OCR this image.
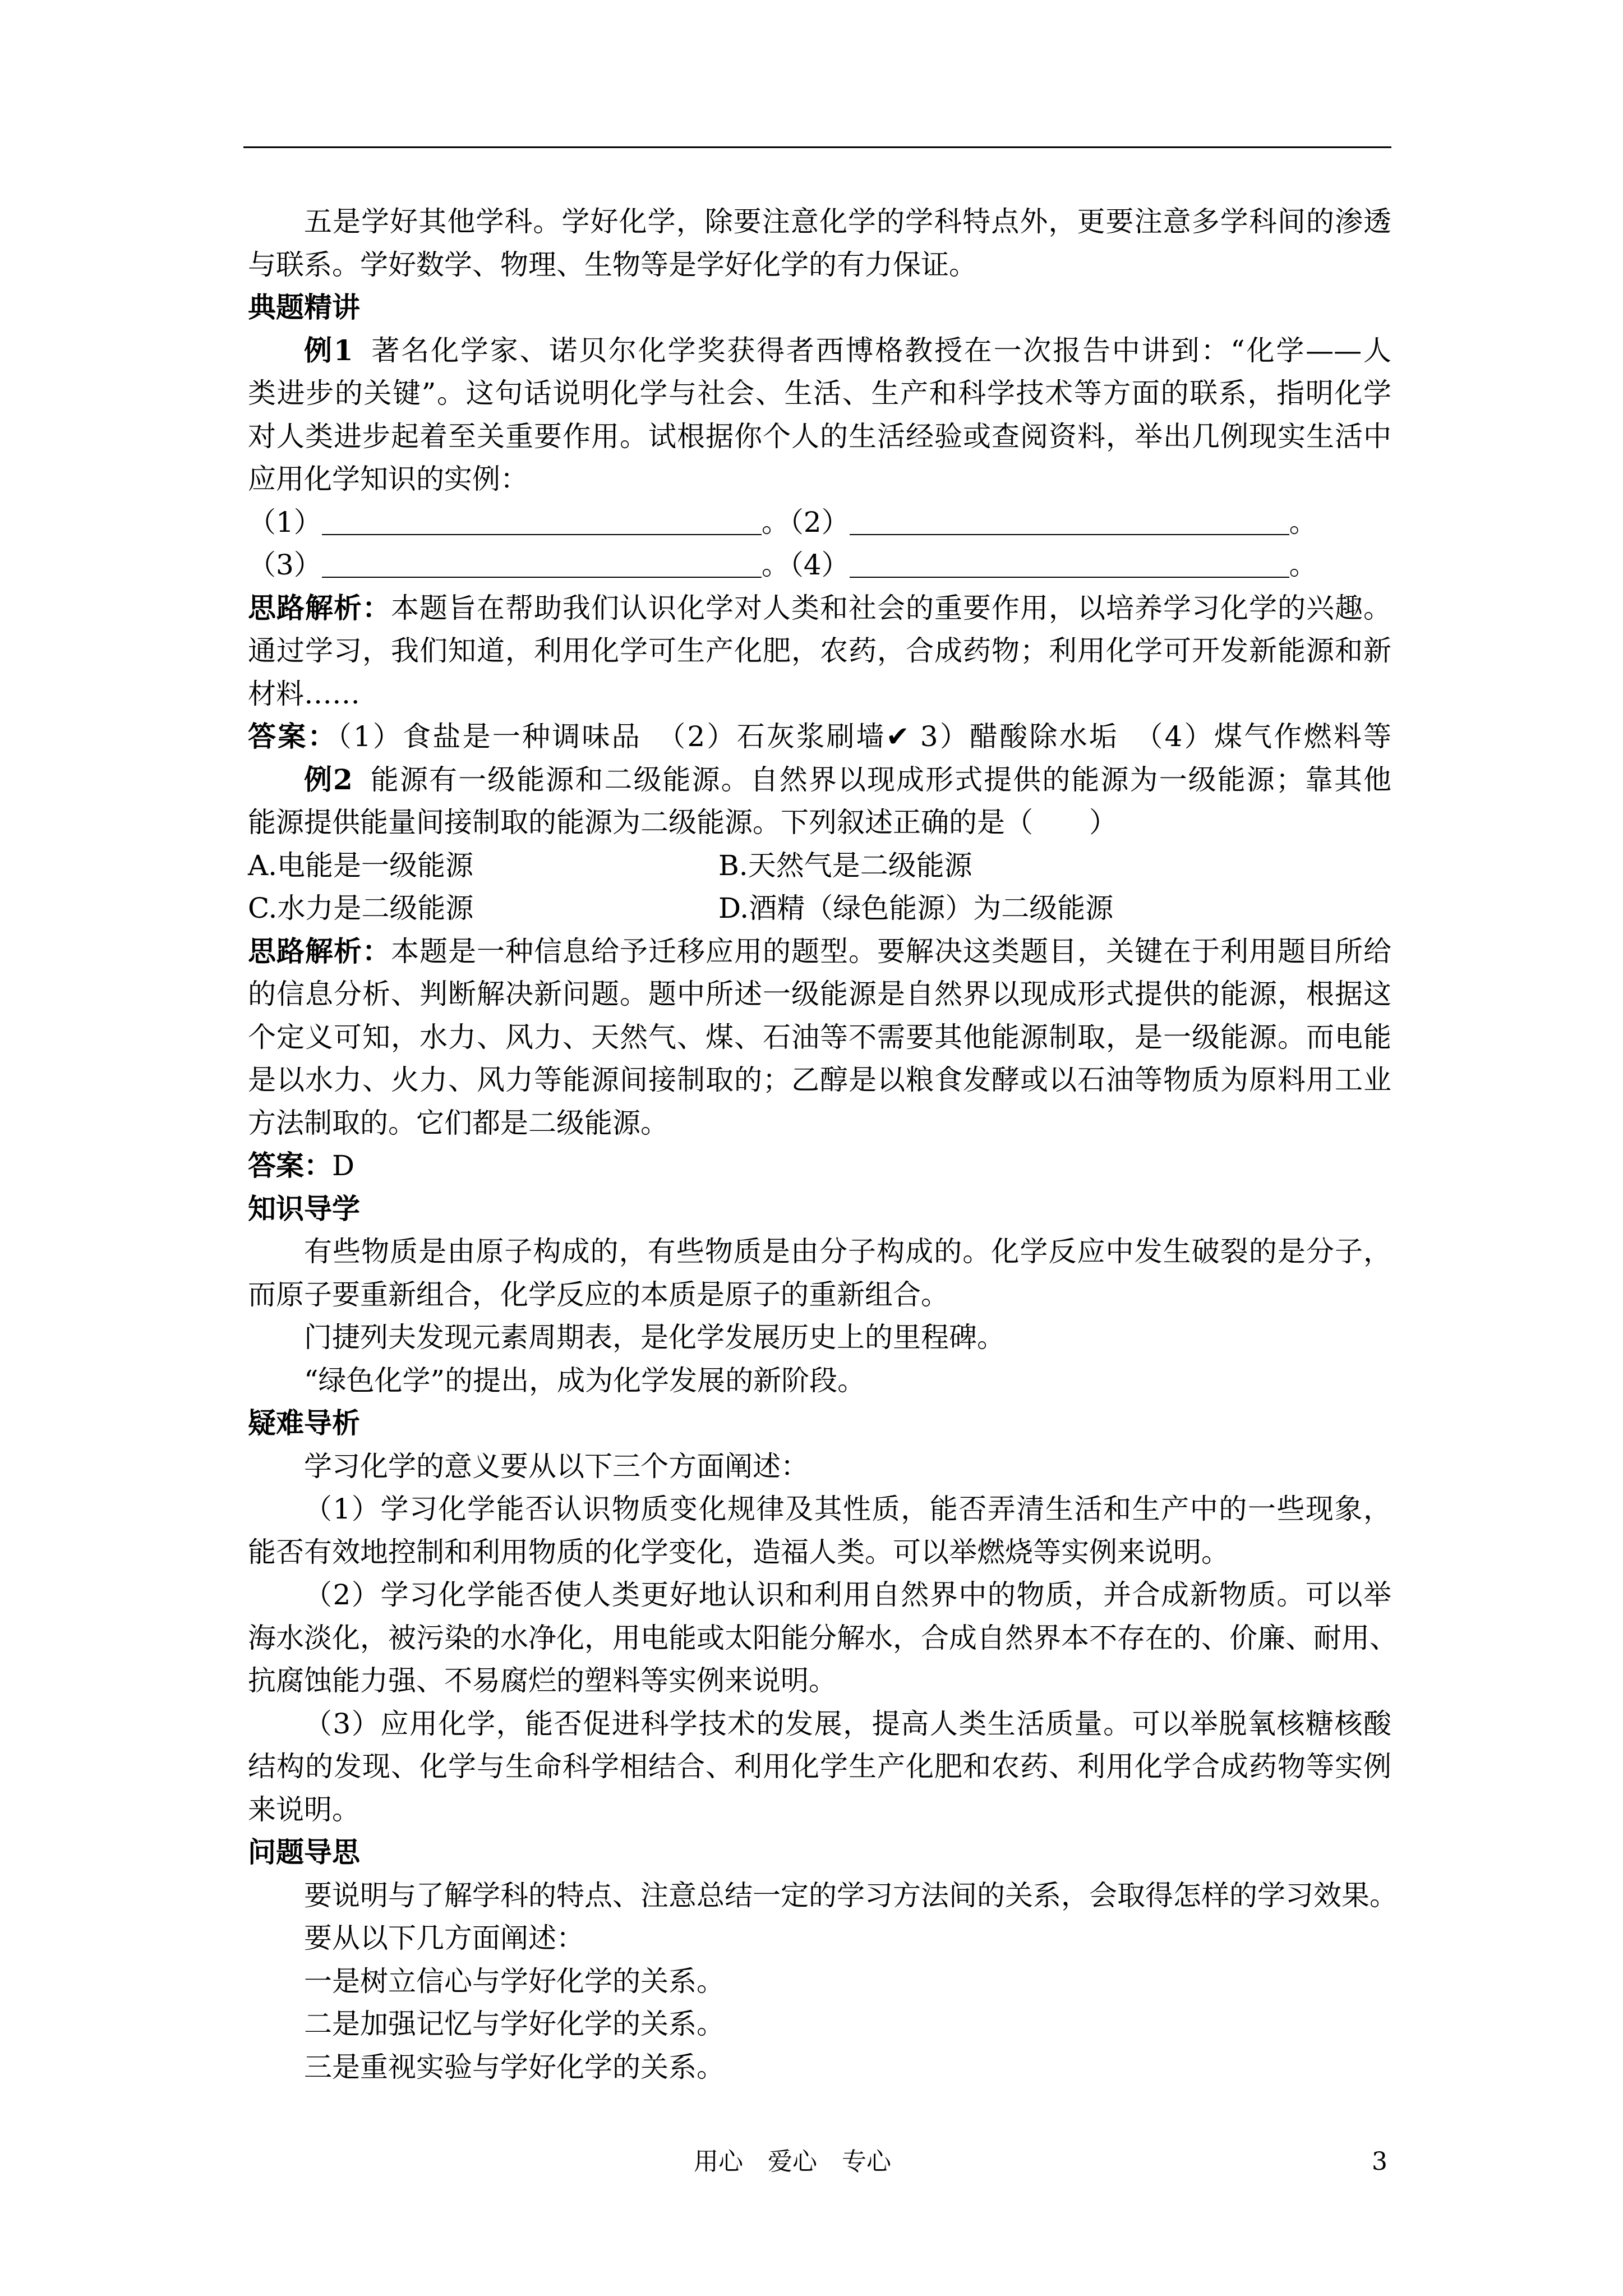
五是学好其他学科。学好化学，除要注意化学的学科特点外，更要注意多学科间的渗透
与联系。学好数学、物理、生物等是学好化学的有力保证。
典题精讲
例1 著名化学家、诺贝尔化学奖获得者西博格教授在一次报告中讲到：“化学——人
类进步的关键”。这句话说明化学与社会、生活、生产和科学技术等方面的联系，指明化学
对人类进步起着至关重要作用。试根据你个人的生活经验或查阅资料，举出几例现实生活中
应用化学知识的实例：
（1）	。（2）	。
（3）	。（4）	。
思路解析：本题旨在帮助我们认识化学对人类和社会的重要作用，以培养学习化学的兴趣。
通过学习，我们知道，利用化学可生产化肥，农药，合成药物；利用化学可开发新能源和新
材料……
答案：（1）食盐是一种调味品　（2）石灰浆刷墙✔ 3）醋酸除水垢　（4）煤气作燃料等
例2 能源有一级能源和二级能源。自然界以现成形式提供的能源为一级能源；靠其他
能源提供能量间接制取的能源为二级能源。下列叙述正确的是（　　）
A.电能是一级能源	B.天然气是二级能源
C.水力是二级能源	D.酒精（绿色能源）为二级能源
思路解析：本题是一种信息给予迁移应用的题型。要解决这类题目，关键在于利用题目所给
的信息分析、判断解决新问题。题中所述一级能源是自然界以现成形式提供的能源，根据这
个定义可知，水力、风力、天然气、煤、石油等不需要其他能源制取，是一级能源。而电能
是以水力、火力、风力等能源间接制取的；乙醇是以粮食发酵或以石油等物质为原料用工业
方法制取的。它们都是二级能源。
答案：D
知识导学
有些物质是由原子构成的，有些物质是由分子构成的。化学反应中发生破裂的是分子，
而原子要重新组合，化学反应的本质是原子的重新组合。
门捷列夫发现元素周期表，是化学发展历史上的里程碑。
“绿色化学”的提出，成为化学发展的新阶段。
疑难导析
学习化学的意义要从以下三个方面阐述：
（1）学习化学能否认识物质变化规律及其性质，能否弄清生活和生产中的一些现象，
能否有效地控制和利用物质的化学变化，造福人类。可以举燃烧等实例来说明。
（2）学习化学能否使人类更好地认识和利用自然界中的物质，并合成新物质。可以举
海水淡化，被污染的水净化，用电能或太阳能分解水，合成自然界本不存在的、价廉、耐用、
抗腐蚀能力强、不易腐烂的塑料等实例来说明。
（3）应用化学，能否促进科学技术的发展，提高人类生活质量。可以举脱氧核糖核酸
结构的发现、化学与生命科学相结合、利用化学生产化肥和农药、利用化学合成药物等实例
来说明。
问题导思
要说明与了解学科的特点、注意总结一定的学习方法间的关系，会取得怎样的学习效果。
要从以下几方面阐述：
一是树立信心与学好化学的关系。
二是加强记忆与学好化学的关系。
三是重视实验与学好化学的关系。
用心　爱心　专心	3
